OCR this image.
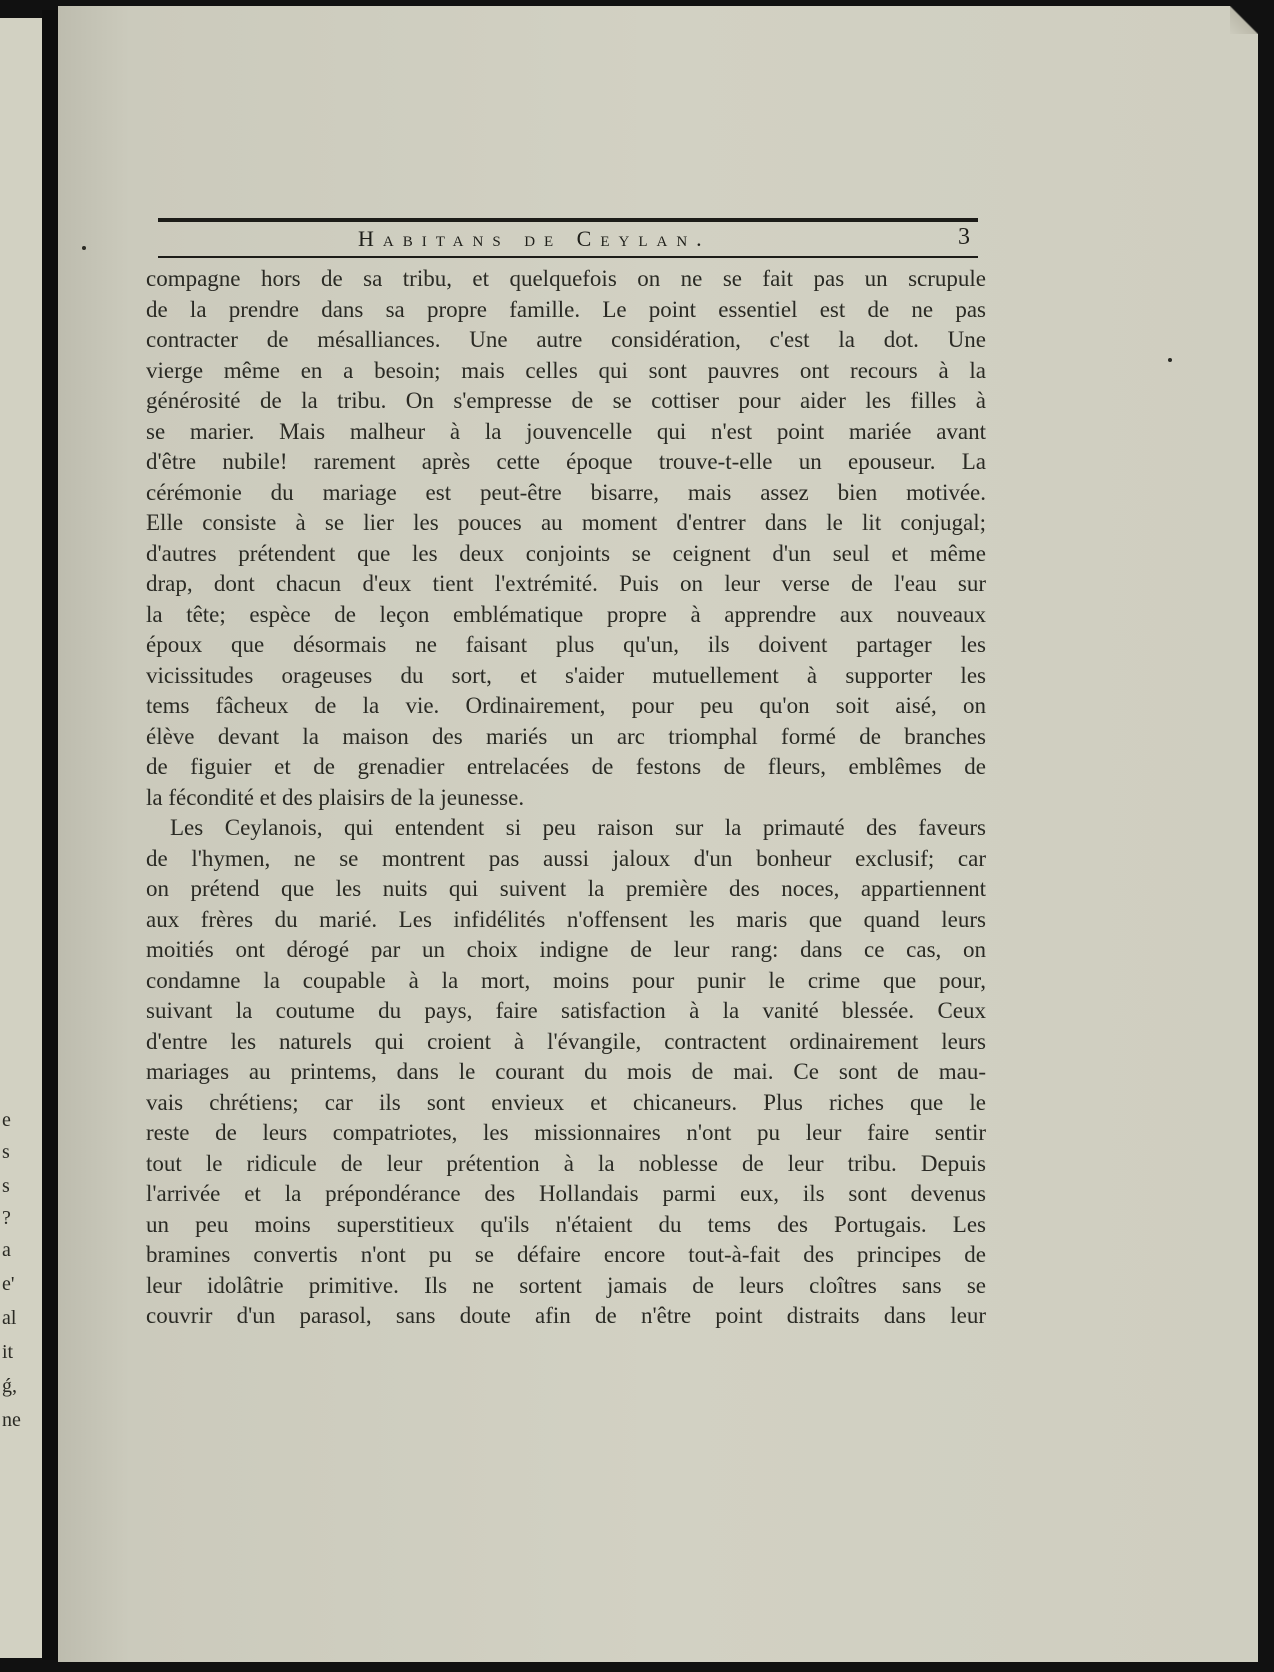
e
s
s
?
a
e'
al
it
ǵ,
ne
Habitans de Ceylan.	3
compagne hors de sa tribu, et quelquefois on ne se fait pas un scrupule
de la prendre dans sa propre famille. Le point essentiel est de ne pas
contracter de mésalliances. Une autre considération, c'est la dot. Une
vierge même en a besoin; mais celles qui sont pauvres ont recours à la
générosité de la tribu. On s'empresse de se cottiser pour aider les filles à
se marier. Mais malheur à la jouvencelle qui n'est point mariée avant
d'être nubile! rarement après cette époque trouve-t-elle un epouseur. La
cérémonie du mariage est peut-être bisarre, mais assez bien motivée.
Elle consiste à se lier les pouces au moment d'entrer dans le lit conjugal;
d'autres prétendent que les deux conjoints se ceignent d'un seul et même
drap, dont chacun d'eux tient l'extrémité. Puis on leur verse de l'eau sur
la tête; espèce de leçon emblématique propre à apprendre aux nouveaux
époux que désormais ne faisant plus qu'un, ils doivent partager les
vicissitudes orageuses du sort, et s'aider mutuellement à supporter les
tems fâcheux de la vie. Ordinairement, pour peu qu'on soit aisé, on
élève devant la maison des mariés un arc triomphal formé de branches
de figuier et de grenadier entrelacées de festons de fleurs, emblêmes de
la fécondité et des plaisirs de la jeunesse.
Les Ceylanois, qui entendent si peu raison sur la primauté des faveurs
de l'hymen, ne se montrent pas aussi jaloux d'un bonheur exclusif; car
on prétend que les nuits qui suivent la première des noces, appartiennent
aux frères du marié. Les infidélités n'offensent les maris que quand leurs
moitiés ont dérogé par un choix indigne de leur rang: dans ce cas, on
condamne la coupable à la mort, moins pour punir le crime que pour,
suivant la coutume du pays, faire satisfaction à la vanité blessée. Ceux
d'entre les naturels qui croient à l'évangile, contractent ordinairement leurs
mariages au printems, dans le courant du mois de mai. Ce sont de mau-
vais chrétiens; car ils sont envieux et chicaneurs. Plus riches que le
reste de leurs compatriotes, les missionnaires n'ont pu leur faire sentir
tout le ridicule de leur prétention à la noblesse de leur tribu. Depuis
l'arrivée et la prépondérance des Hollandais parmi eux, ils sont devenus
un peu moins superstitieux qu'ils n'étaient du tems des Portugais. Les
bramines convertis n'ont pu se défaire encore tout-à-fait des principes de
leur idolâtrie primitive. Ils ne sortent jamais de leurs cloîtres sans se
couvrir d'un parasol, sans doute afin de n'être point distraits dans leur
